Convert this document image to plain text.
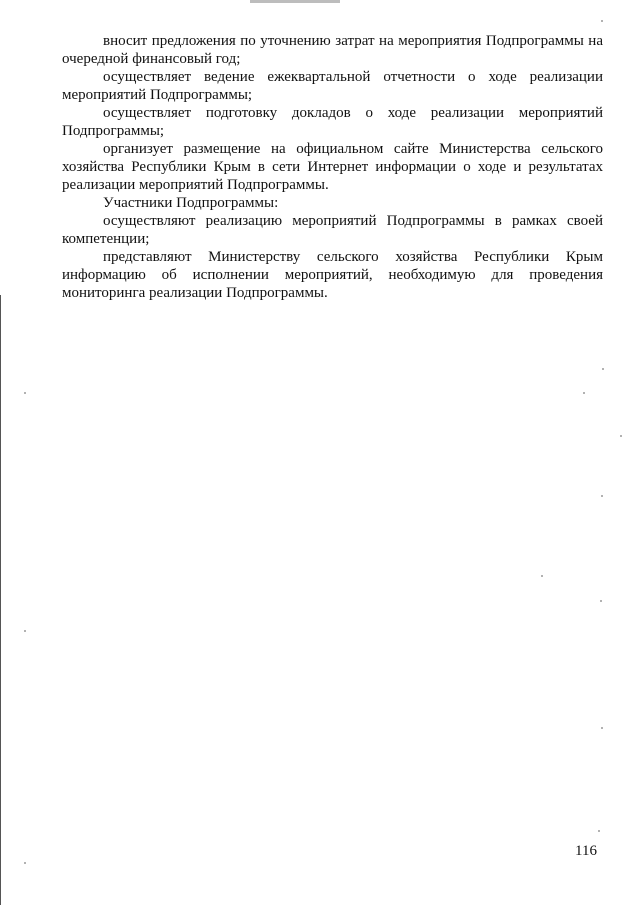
вносит предложения по уточнению затрат на мероприятия Подпрограммы на очередной финансовый год;

осуществляет ведение ежеквартальной отчетности о ходе реализации мероприятий Подпрограммы;

осуществляет подготовку докладов о ходе реализации мероприятий Подпрограммы;

организует размещение на официальном сайте Министерства сельского хозяйства Республики Крым в сети Интернет информации о ходе и результатах реализации мероприятий Подпрограммы.

Участники Подпрограммы:

осуществляют реализацию мероприятий Подпрограммы в рамках своей компетенции;

представляют Министерству сельского хозяйства Республики Крым информацию об исполнении мероприятий, необходимую для проведения мониторинга реализации Подпрограммы.

116
